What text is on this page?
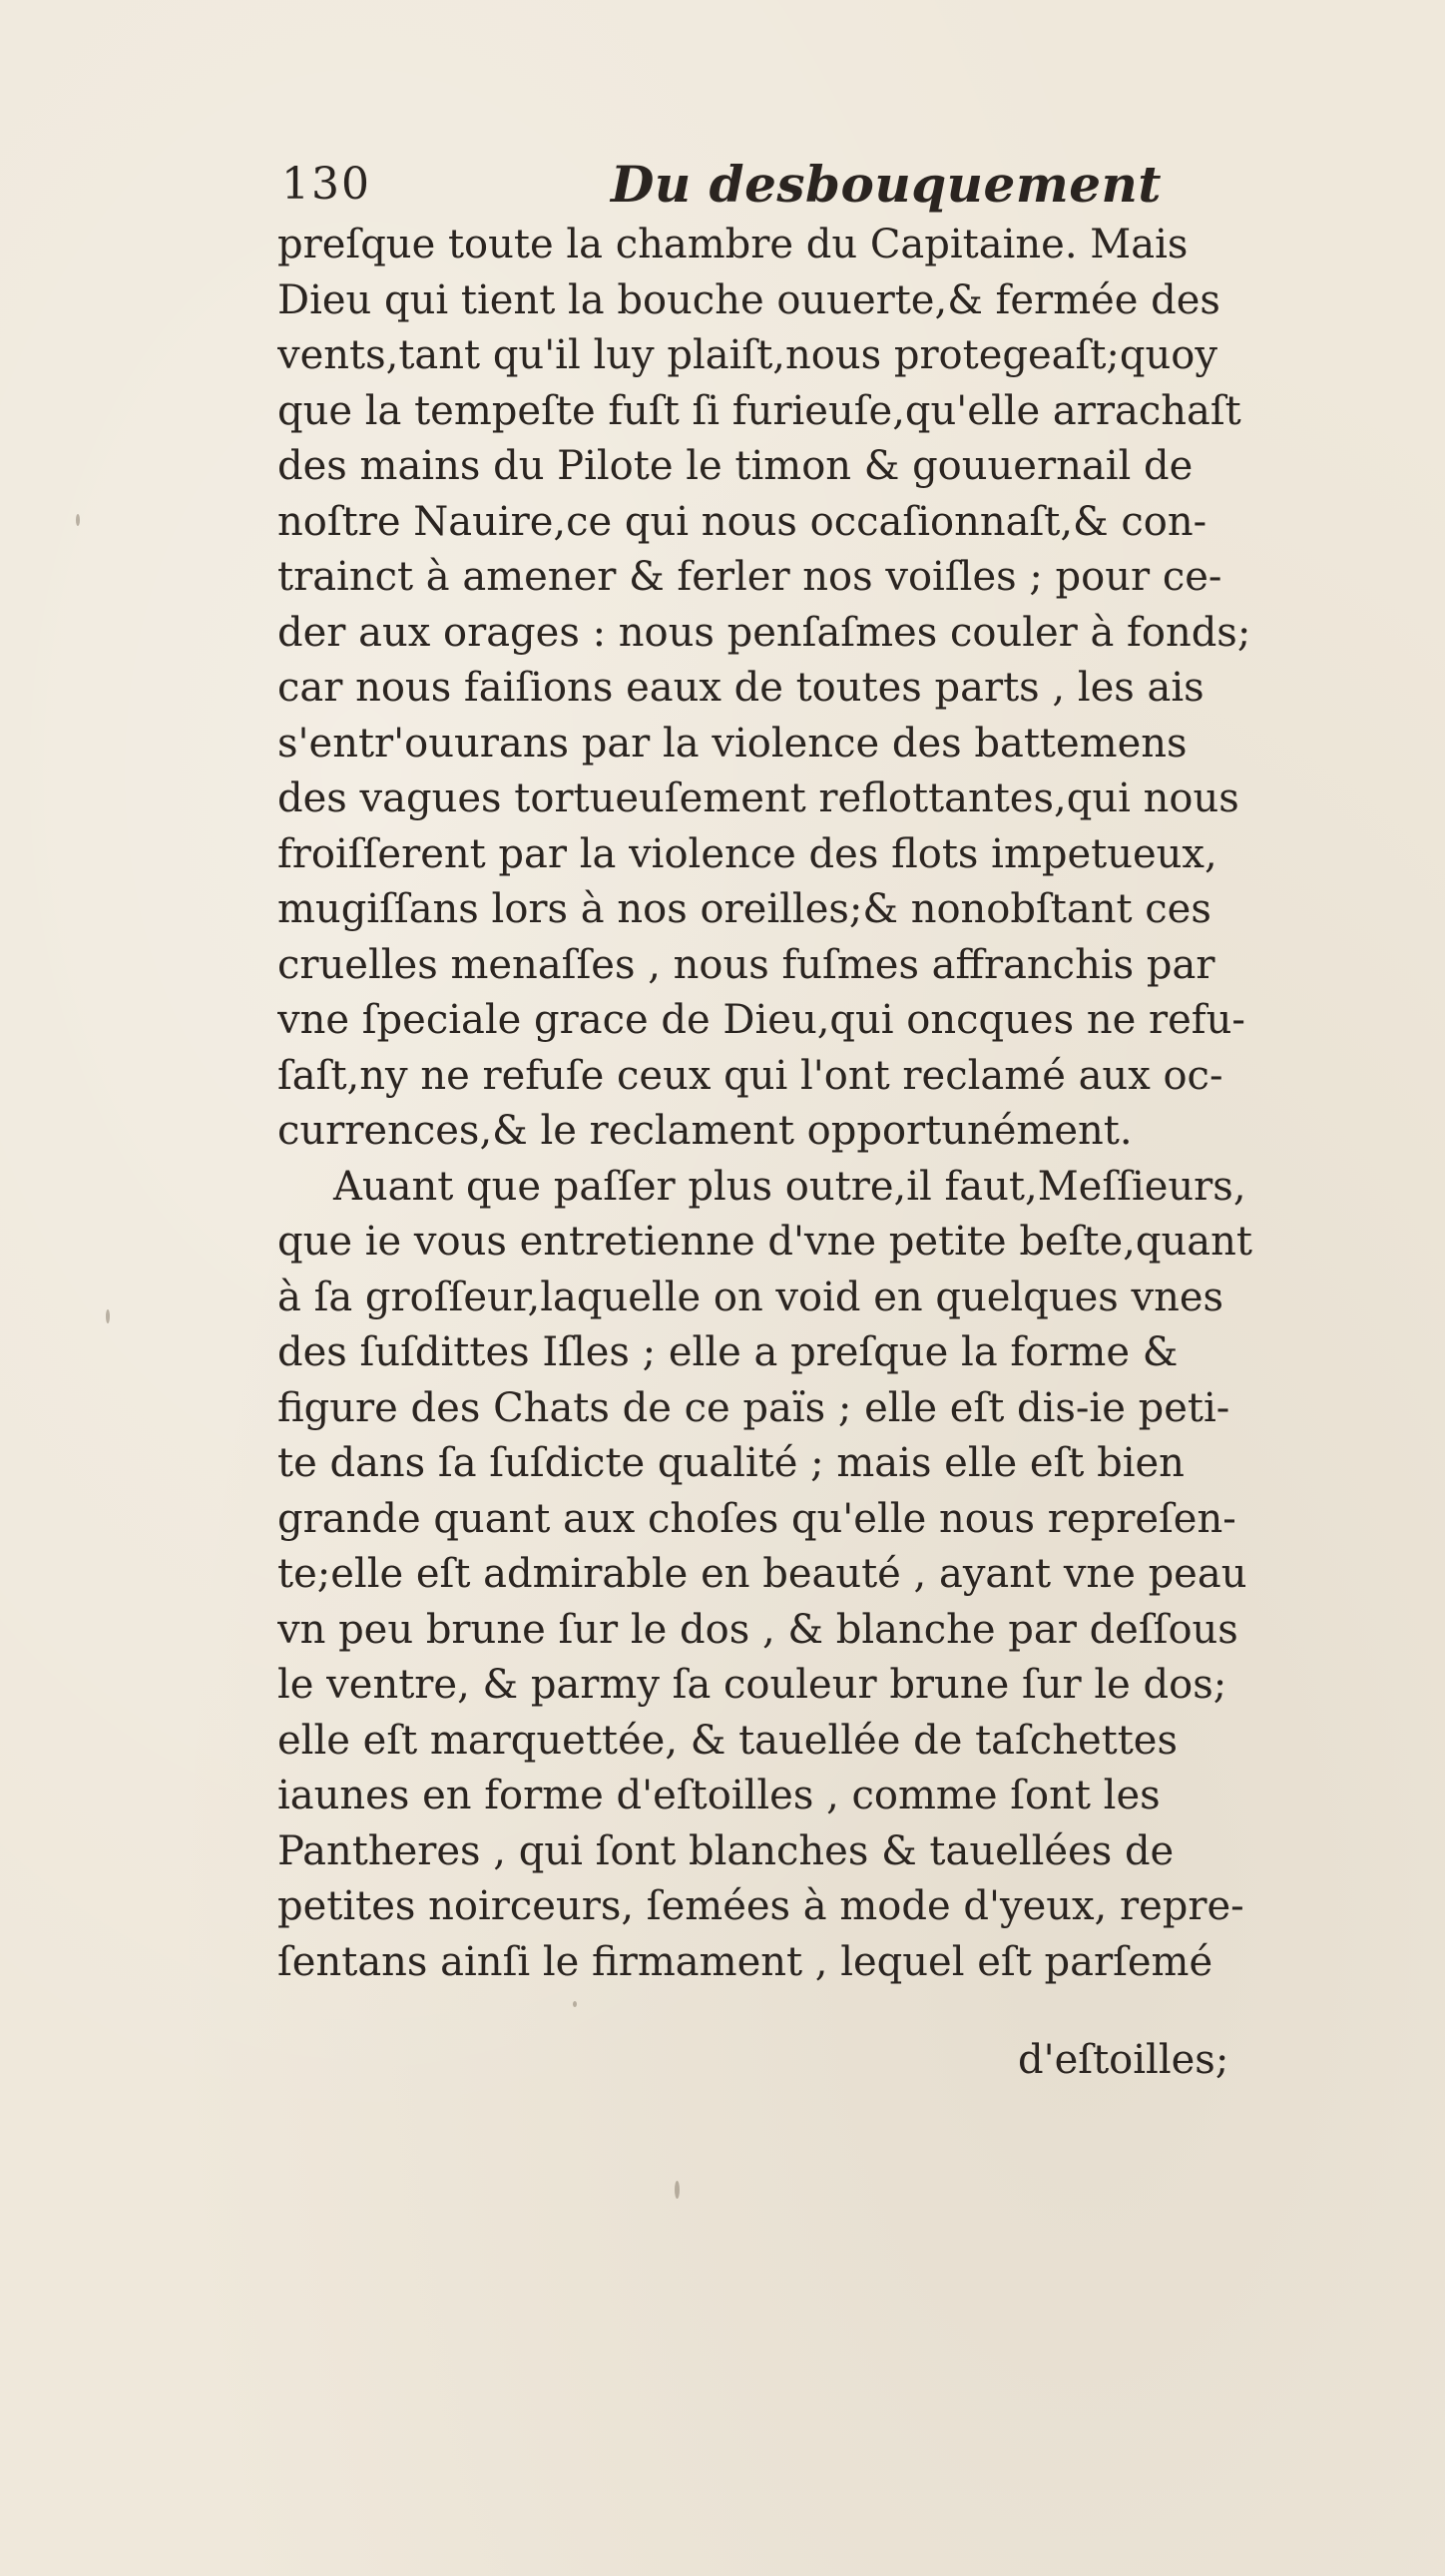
130	Du desbouquement
preſque toute la chambre du Capitaine. Mais
Dieu qui tient la bouche ouuerte,& fermée des
vents,tant qu'il luy plaiſt,nous protegeaſt;quoy
que la tempeſte fuſt ſi furieuſe,qu'elle arrachaſt
des mains du Pilote le timon & gouuernail de
noſtre Nauire,ce qui nous occaſionnaſt,& con-
trainct à amener & ferler nos voiſles ; pour ce-
der aux orages : nous penſaſmes couler à fonds;
car nous faiſions eaux de toutes parts , les ais
s'entr'ouurans par la violence des battemens
des vagues tortueuſement reflottantes,qui nous
froiſſerent par la violence des flots impetueux,
mugiſſans lors à nos oreilles;& nonobſtant ces
cruelles menaſſes , nous fuſmes affranchis par
vne ſpeciale grace de Dieu,qui oncques ne refu-
ſaſt,ny ne refuſe ceux qui l'ont reclamé aux oc-
currences,& le reclament opportunément.
Auant que paſſer plus outre,il faut,Meſſieurs,
que ie vous entretienne d'vne petite beſte,quant
à ſa groſſeur,laquelle on void en quelques vnes
des ſuſdittes Iſles ; elle a preſque la forme &
figure des Chats de ce païs ; elle eſt dis-ie peti-
te dans ſa ſuſdicte qualité ; mais elle eſt bien
grande quant aux choſes qu'elle nous repreſen-
te;elle eſt admirable en beauté , ayant vne peau
vn peu brune ſur le dos , & blanche par deſſous
le ventre, & parmy ſa couleur brune ſur le dos;
elle eſt marquettée, & tauellée de taſchettes
iaunes en forme d'eſtoilles , comme ſont les
Pantheres , qui ſont blanches & tauellées de
petites noirceurs, ſemées à mode d'yeux, repre-
ſentans ainſi le firmament , lequel eſt parſemé
d'eſtoilles;
